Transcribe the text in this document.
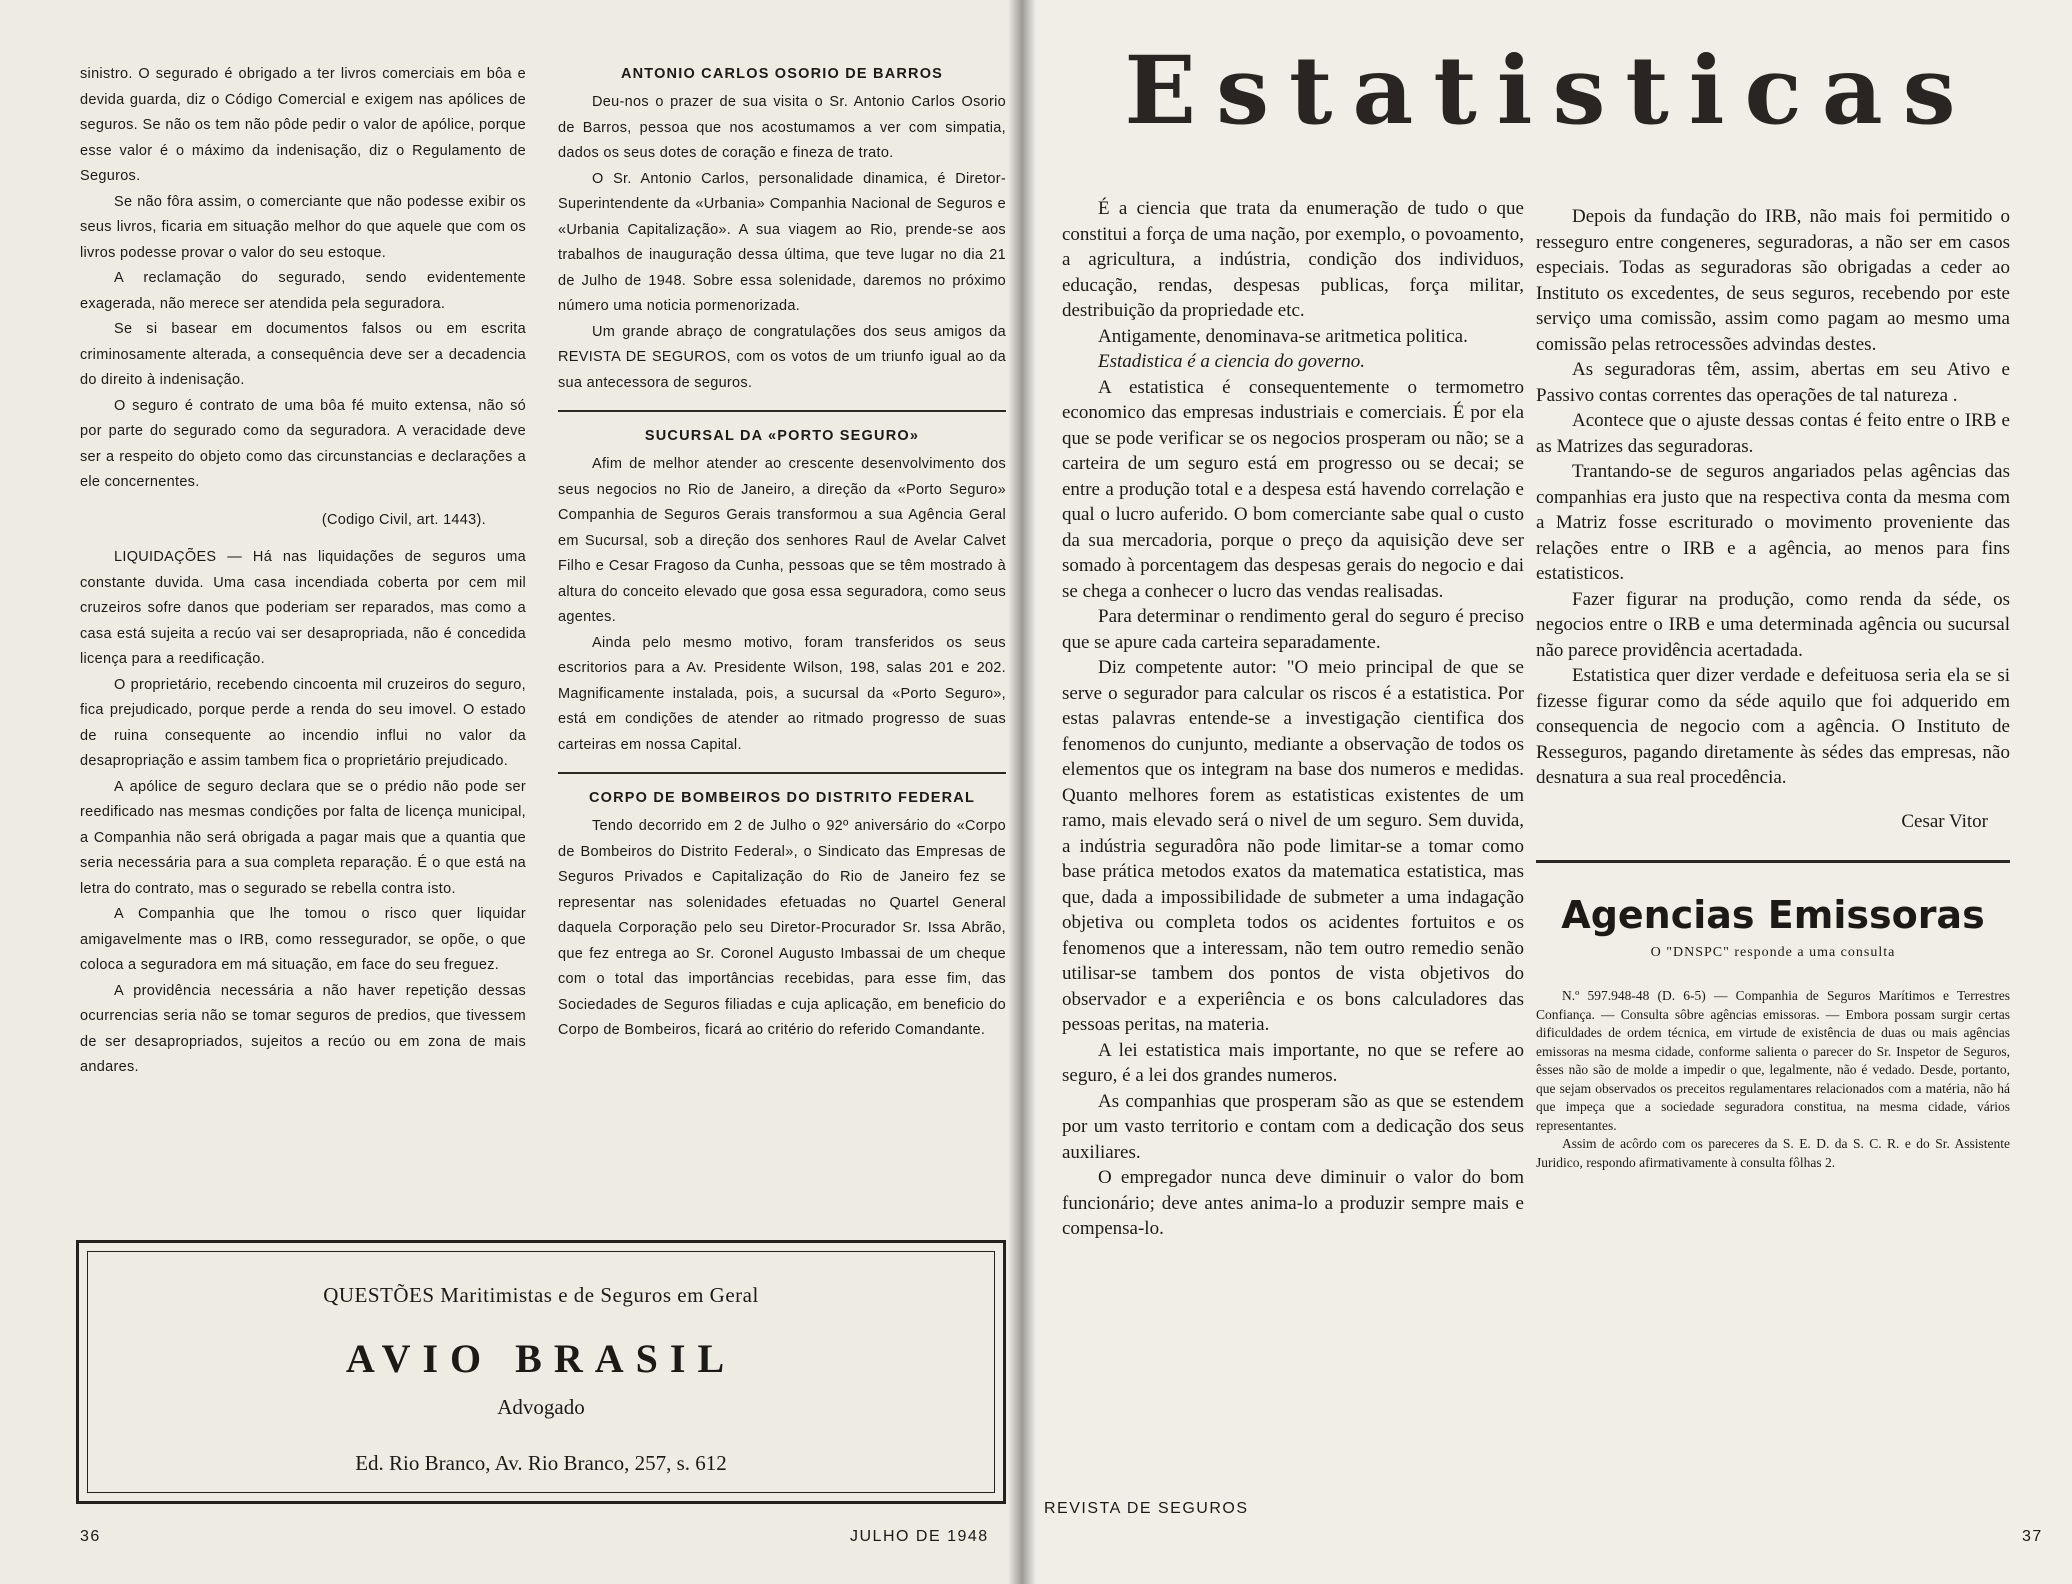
sinistro. O segurado é obrigado a ter livros comerciais em bôa e devida guarda, diz o Código Comercial e exigem nas apólices de seguros. Se não os tem não pôde pedir o valor de apólice, porque esse valor é o máximo da indenisação, diz o Regulamento de Seguros.

Se não fôra assim, o comerciante que não podesse exibir os seus livros, ficaria em situação melhor do que aquele que com os livros podesse provar o valor do seu estoque.

A reclamação do segurado, sendo evidentemente exagerada, não merece ser atendida pela seguradora.

Se si basear em documentos falsos ou em escrita criminosamente alterada, a consequência deve ser a decadencia do direito à indenisação.

O seguro é contrato de uma bôa fé muito extensa, não só por parte do segurado como da seguradora. A veracidade deve ser a respeito do objeto como das circunstancias e declarações a ele concernentes.

(Codigo Civil, art. 1443).

LIQUIDAÇÕES — Há nas liquidações de seguros uma constante duvida. Uma casa incendiada coberta por cem mil cruzeiros sofre danos que poderiam ser reparados, mas como a casa está sujeita a recúo vai ser desapropriada, não é concedida licença para a reedificação.

O proprietário, recebendo cincoenta mil cruzeiros do seguro, fica prejudicado, porque perde a renda do seu imovel. O estado de ruina consequente ao incendio influi no valor da desapropriação e assim tambem fica o proprietário prejudicado.

A apólice de seguro declara que se o prédio não pode ser reedificado nas mesmas condições por falta de licença municipal, a Companhia não será obrigada a pagar mais que a quantia que seria necessária para a sua completa reparação. É o que está na letra do contrato, mas o segurado se rebella contra isto.

A Companhia que lhe tomou o risco quer liquidar amigavelmente mas o IRB, como ressegurador, se opõe, o que coloca a seguradora em má situação, em face do seu freguez.

A providência necessária a não haver repetição dessas ocurrencias seria não se tomar seguros de predios, que tivessem de ser desapropriados, sujeitos a recúo ou em zona de mais andares.

ANTONIO CARLOS OSORIO DE BARROS

Deu-nos o prazer de sua visita o Sr. Antonio Carlos Osorio de Barros, pessoa que nos acostumamos a ver com simpatia, dados os seus dotes de coração e fineza de trato.

O Sr. Antonio Carlos, personalidade dinamica, é Diretor-Superintendente da «Urbania» Companhia Nacional de Seguros e «Urbania Capitalização». A sua viagem ao Rio, prende-se aos trabalhos de inauguração dessa última, que teve lugar no dia 21 de Julho de 1948. Sobre essa solenidade, daremos no próximo número uma noticia pormenorizada.

Um grande abraço de congratulações dos seus amigos da REVISTA DE SEGUROS, com os votos de um triunfo igual ao da sua antecessora de seguros.

SUCURSAL DA «PORTO SEGURO»

Afim de melhor atender ao crescente desenvolvimento dos seus negocios no Rio de Janeiro, a direção da «Porto Seguro» Companhia de Seguros Gerais transformou a sua Agência Geral em Sucursal, sob a direção dos senhores Raul de Avelar Calvet Filho e Cesar Fragoso da Cunha, pessoas que se têm mostrado à altura do conceito elevado que gosa essa seguradora, como seus agentes.

Ainda pelo mesmo motivo, foram transferidos os seus escritorios para a Av. Presidente Wilson, 198, salas 201 e 202. Magnificamente instalada, pois, a sucursal da «Porto Seguro», está em condições de atender ao ritmado progresso de suas carteiras em nossa Capital.

CORPO DE BOMBEIROS DO DISTRITO FEDERAL

Tendo decorrido em 2 de Julho o 92º aniversário do «Corpo de Bombeiros do Distrito Federal», o Sindicato das Empresas de Seguros Privados e Capitalização do Rio de Janeiro fez se representar nas solenidades efetuadas no Quartel General daquela Corporação pelo seu Diretor-Procurador Sr. Issa Abrão, que fez entrega ao Sr. Coronel Augusto Imbassai de um cheque com o total das importâncias recebidas, para esse fim, das Sociedades de Seguros filiadas e cuja aplicação, em beneficio do Corpo de Bombeiros, ficará ao critério do referido Comandante.

QUESTÕES Maritimistas e de Seguros em Geral
AVIO BRASIL
Advogado
Ed. Rio Branco, Av. Rio Branco, 257, s. 612
36	JULHO DE 1948
Estatisticas

É a ciencia que trata da enumeração de tudo o que constitui a força de uma nação, por exemplo, o povoamento, a agricultura, a indústria, condição dos individuos, educação, rendas, despesas publicas, força militar, destribuição da propriedade etc.

Antigamente, denominava-se aritmetica politica.

Estadistica é a ciencia do governo.

A estatistica é consequentemente o termometro economico das empresas industriais e comerciais. É por ela que se pode verificar se os negocios prosperam ou não; se a carteira de um seguro está em progresso ou se decai; se entre a produção total e a despesa está havendo correlação e qual o lucro auferido. O bom comerciante sabe qual o custo da sua mercadoria, porque o preço da aquisição deve ser somado à porcentagem das despesas gerais do negocio e dai se chega a conhecer o lucro das vendas realisadas.

Para determinar o rendimento geral do seguro é preciso que se apure cada carteira separadamente.

Diz competente autor: "O meio principal de que se serve o segurador para calcular os riscos é a estatistica. Por estas palavras entende-se a investigação cientifica dos fenomenos do cunjunto, mediante a observação de todos os elementos que os integram na base dos numeros e medidas. Quanto melhores forem as estatisticas existentes de um ramo, mais elevado será o nivel de um seguro. Sem duvida, a indústria seguradôra não pode limitar-se a tomar como base prática metodos exatos da matematica estatistica, mas que, dada a impossibilidade de submeter a uma indagação objetiva ou completa todos os acidentes fortuitos e os fenomenos que a interessam, não tem outro remedio senão utilisar-se tambem dos pontos de vista objetivos do observador e a experiência e os bons calculadores das pessoas peritas, na materia.

A lei estatistica mais importante, no que se refere ao seguro, é a lei dos grandes numeros.

As companhias que prosperam são as que se estendem por um vasto territorio e contam com a dedicação dos seus auxiliares.

O empregador nunca deve diminuir o valor do bom funcionário; deve antes anima-lo a produzir sempre mais e compensa-lo.

Depois da fundação do IRB, não mais foi permitido o resseguro entre congeneres, seguradoras, a não ser em casos especiais. Todas as seguradoras são obrigadas a ceder ao Instituto os excedentes, de seus seguros, recebendo por este serviço uma comissão, assim como pagam ao mesmo uma comissão pelas retrocessões advindas destes.

As seguradoras têm, assim, abertas em seu Ativo e Passivo contas correntes das operações de tal natureza .

Acontece que o ajuste dessas contas é feito entre o IRB e as Matrizes das seguradoras.

Trantando-se de seguros angariados pelas agências das companhias era justo que na respectiva conta da mesma com a Matriz fosse escriturado o movimento proveniente das relações entre o IRB e a agência, ao menos para fins estatisticos.

Fazer figurar na produção, como renda da séde, os negocios entre o IRB e uma determinada agência ou sucursal não parece providência acertadada.

Estatistica quer dizer verdade e defeituosa seria ela se si fizesse figurar como da séde aquilo que foi adquerido em consequencia de negocio com a agência. O Instituto de Resseguros, pagando diretamente às sédes das empresas, não desnatura a sua real procedência.

Cesar Vitor

Agencias Emissoras

O "DNSPC" responde a uma consulta

N.º 597.948-48 (D. 6-5) — Companhia de Seguros Marítimos e Terrestres Confiança. — Consulta sôbre agências emissoras. — Embora possam surgir certas dificuldades de ordem técnica, em virtude de existência de duas ou mais agências emissoras na mesma cidade, conforme salienta o parecer do Sr. Inspetor de Seguros, êsses não são de molde a impedir o que, legalmente, não é vedado. Desde, portanto, que sejam observados os preceitos regulamentares relacionados com a matéria, não há que impeça que a sociedade seguradora constitua, na mesma cidade, vários representantes.

Assim de acôrdo com os pareceres da S. E. D. da S. C. R. e do Sr. Assistente Juridico, respondo afirmativamente à consulta fôlhas 2.

REVISTA DE SEGUROS
37
